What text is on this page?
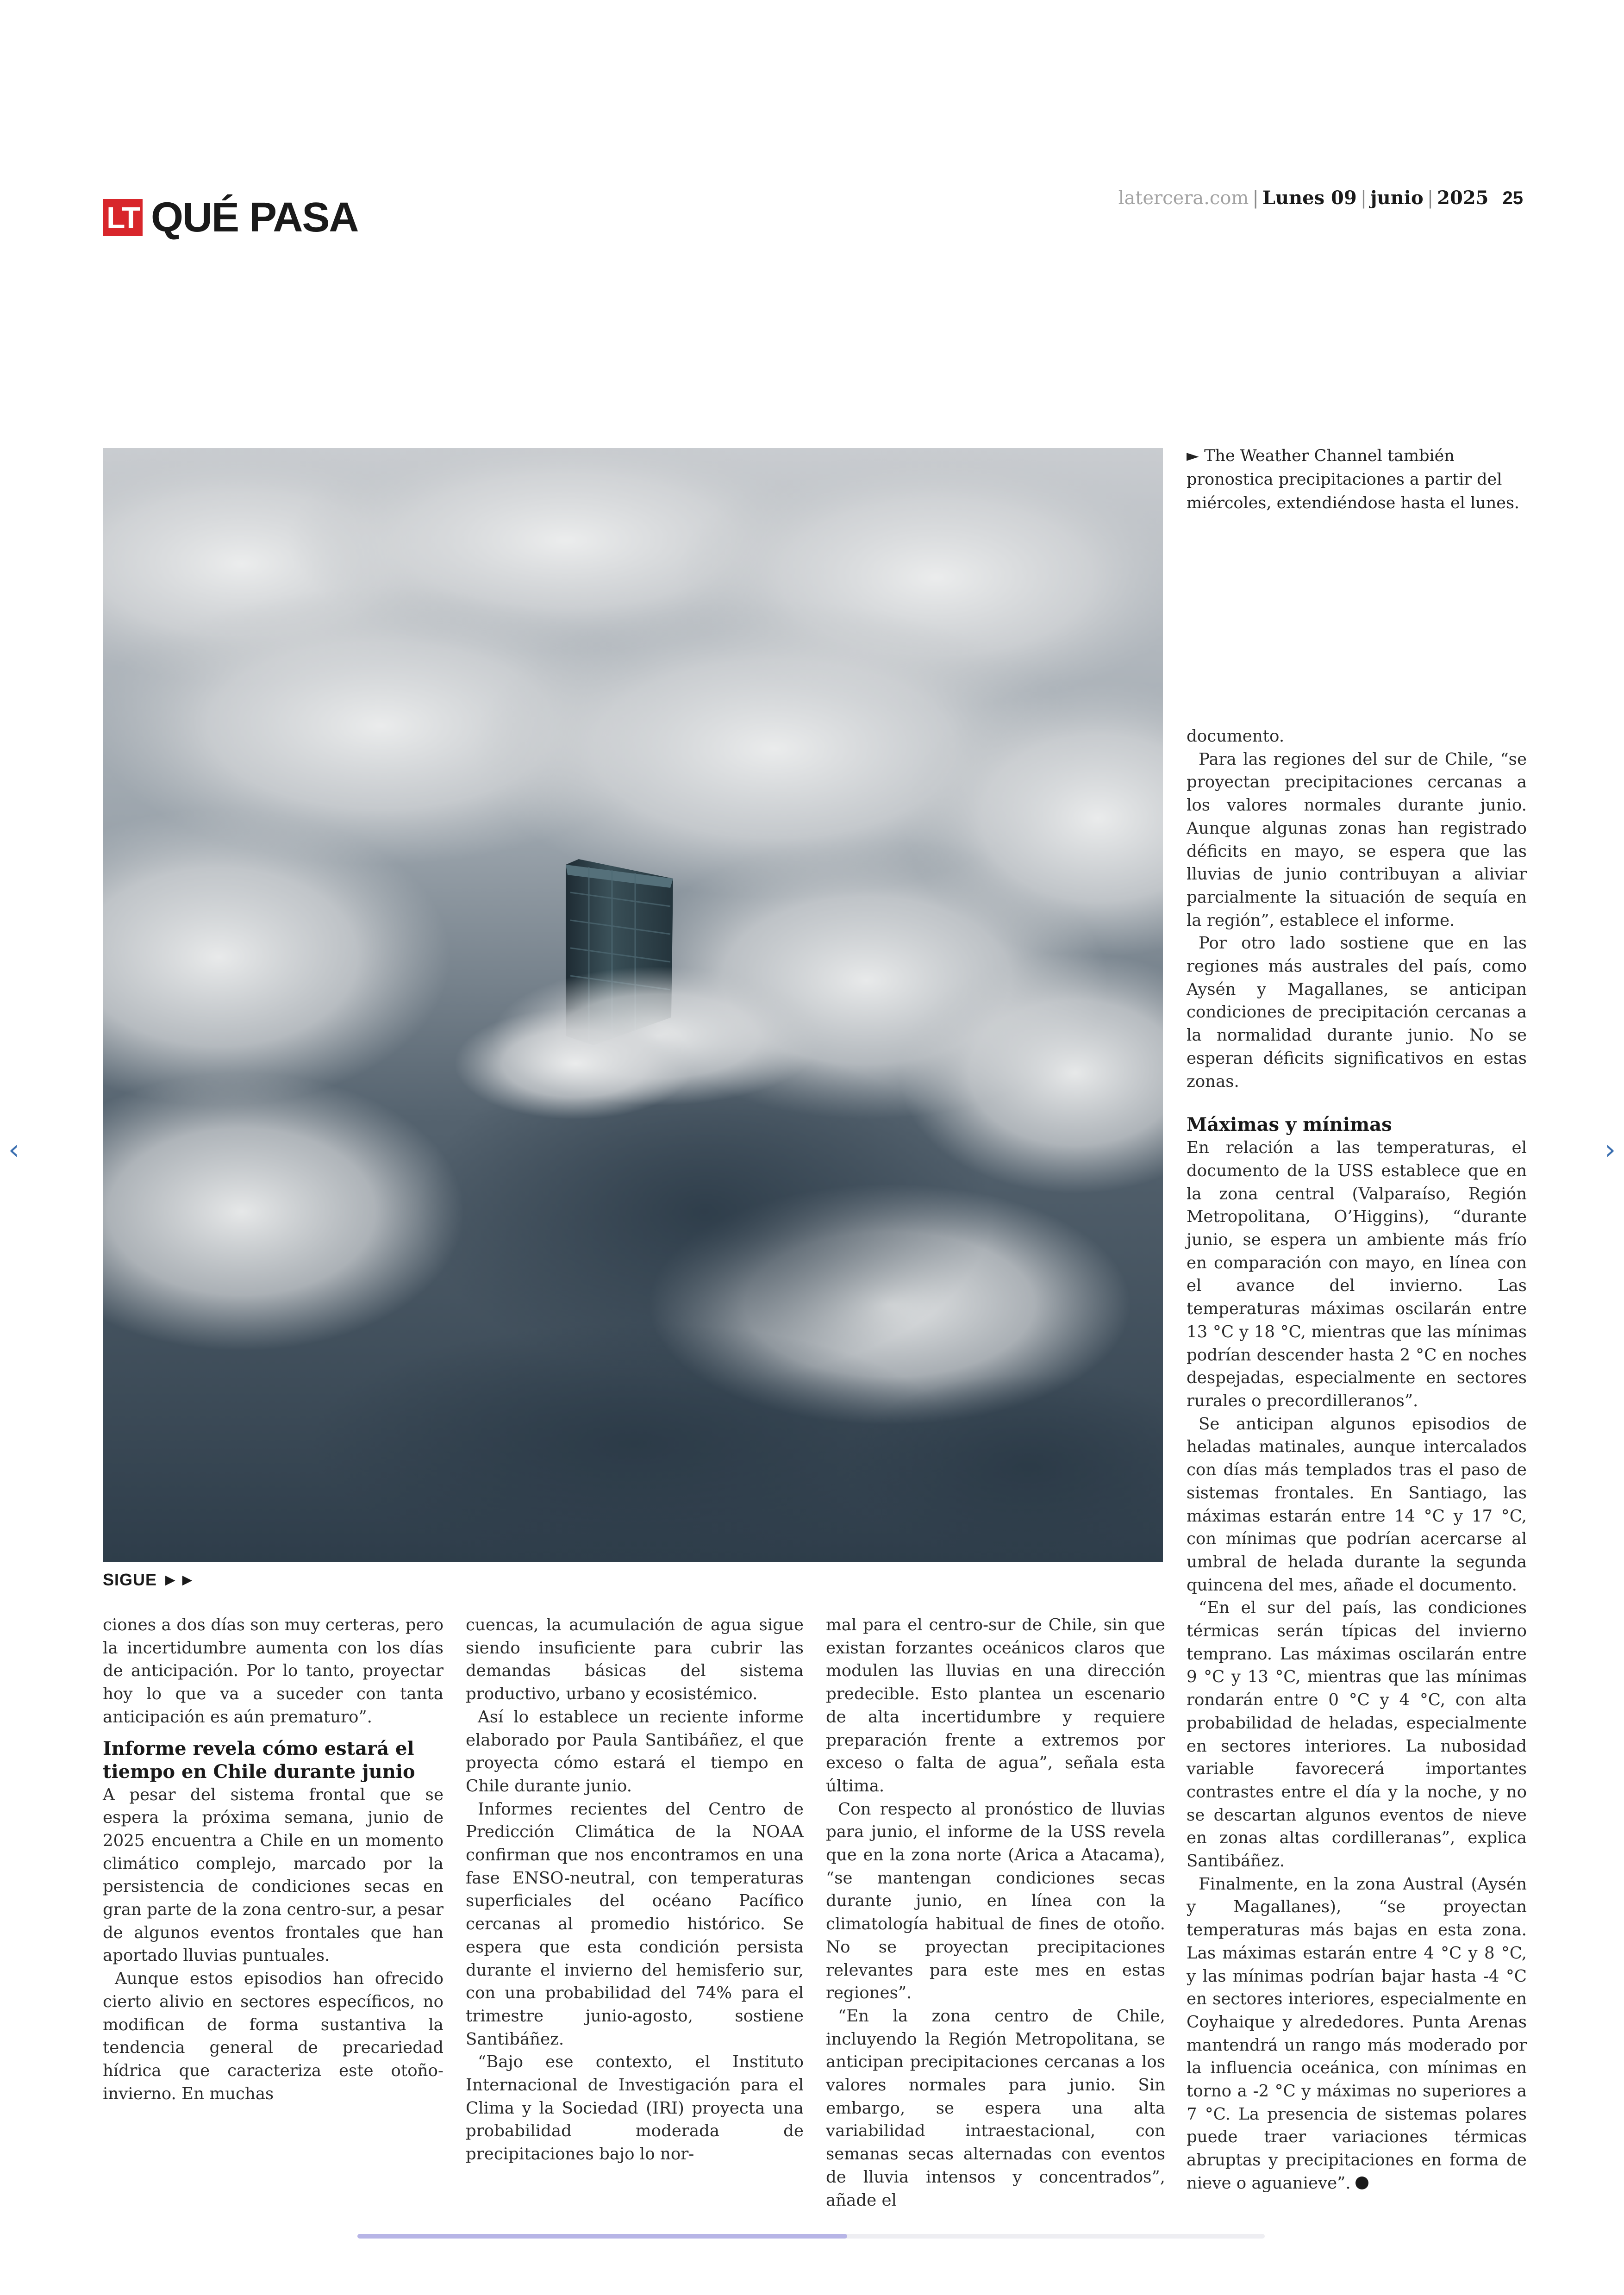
LT QUÉ PASA	latercera.com | Lunes 09 | junio | 2025 25
► The Weather Channel también pronostica precipitaciones a partir del miércoles, extendiéndose hasta el lunes.
SIGUE ►►

ciones a dos días son muy certeras, pero la incertidumbre aumenta con los días de anticipación. Por lo tanto, proyectar hoy lo que va a suceder con tanta anticipación es aún prematuro”.

Informe revela cómo estará el tiempo en Chile durante junio

A pesar del sistema frontal que se espera la próxima semana, junio de 2025 encuentra a Chile en un momento climático complejo, marcado por la persistencia de condiciones secas en gran parte de la zona centro-sur, a pesar de algunos eventos frontales que han aportado lluvias puntuales.

Aunque estos episodios han ofrecido cierto alivio en sectores específicos, no modifican de forma sustantiva la tendencia general de precariedad hídrica que caracteriza este otoño-invierno. En muchas

cuencas, la acumulación de agua sigue siendo insuficiente para cubrir las demandas básicas del sistema productivo, urbano y ecosistémico.

Así lo establece un reciente informe elaborado por Paula Santibáñez, el que proyecta cómo estará el tiempo en Chile durante junio.

Informes recientes del Centro de Predicción Climática de la NOAA confirman que nos encontramos en una fase ENSO-neutral, con temperaturas superficiales del océano Pacífico cercanas al promedio histórico. Se espera que esta condición persista durante el invierno del hemisferio sur, con una probabilidad del 74% para el trimestre junio-agosto, sostiene Santibáñez.

“Bajo ese contexto, el Instituto Internacional de Investigación para el Clima y la Sociedad (IRI) proyecta una probabilidad moderada de precipitaciones bajo lo nor-

mal para el centro-sur de Chile, sin que existan forzantes oceánicos claros que modulen las lluvias en una dirección predecible. Esto plantea un escenario de alta incertidumbre y requiere preparación frente a extremos por exceso o falta de agua”, señala esta última.

Con respecto al pronóstico de lluvias para junio, el informe de la USS revela que en la zona norte (Arica a Atacama), “se mantengan condiciones secas durante junio, en línea con la climatología habitual de fines de otoño. No se proyectan precipitaciones relevantes para este mes en estas regiones”.

“En la zona centro de Chile, incluyendo la Región Metropolitana, se anticipan precipitaciones cercanas a los valores normales para junio. Sin embargo, se espera una alta variabilidad intraestacional, con semanas secas alternadas con eventos de lluvia intensos y concentrados”, añade el

documento.

Para las regiones del sur de Chile, “se proyectan precipitaciones cercanas a los valores normales durante junio. Aunque algunas zonas han registrado déficits en mayo, se espera que las lluvias de junio contribuyan a aliviar parcialmente la situación de sequía en la región”, establece el informe.

Por otro lado sostiene que en las regiones más australes del país, como Aysén y Magallanes, se anticipan condiciones de precipitación cercanas a la normalidad durante junio. No se esperan déficits significativos en estas zonas.

Máximas y mínimas

En relación a las temperaturas, el documento de la USS establece que en la zona central (Valparaíso, Región Metropolitana, O’Higgins), “durante junio, se espera un ambiente más frío en comparación con mayo, en línea con el avance del invierno. Las temperaturas máximas oscilarán entre 13 °C y 18 °C, mientras que las mínimas podrían descender hasta 2 °C en noches despejadas, especialmente en sectores rurales o precordilleranos”.

Se anticipan algunos episodios de heladas matinales, aunque intercalados con días más templados tras el paso de sistemas frontales. En Santiago, las máximas estarán entre 14 °C y 17 °C, con mínimas que podrían acercarse al umbral de helada durante la segunda quincena del mes, añade el documento.

“En el sur del país, las condiciones térmicas serán típicas del invierno temprano. Las máximas oscilarán entre 9 °C y 13 °C, mientras que las mínimas rondarán entre 0 °C y 4 °C, con alta probabilidad de heladas, especialmente en sectores interiores. La nubosidad variable favorecerá importantes contrastes entre el día y la noche, y no se descartan algunos eventos de nieve en zonas altas cordilleranas”, explica Santibáñez.

Finalmente, en la zona Austral (Aysén y Magallanes), “se proyectan temperaturas más bajas en esta zona. Las máximas estarán entre 4 °C y 8 °C, y las mínimas podrían bajar hasta -4 °C en sectores interiores, especialmente en Coyhaique y alrededores. Punta Arenas mantendrá un rango más moderado por la influencia oceánica, con mínimas en torno a -2 °C y máximas no superiores a 7 °C. La presencia de sistemas polares puede traer variaciones térmicas abruptas y precipitaciones en forma de nieve o aguanieve”.

‹	›
